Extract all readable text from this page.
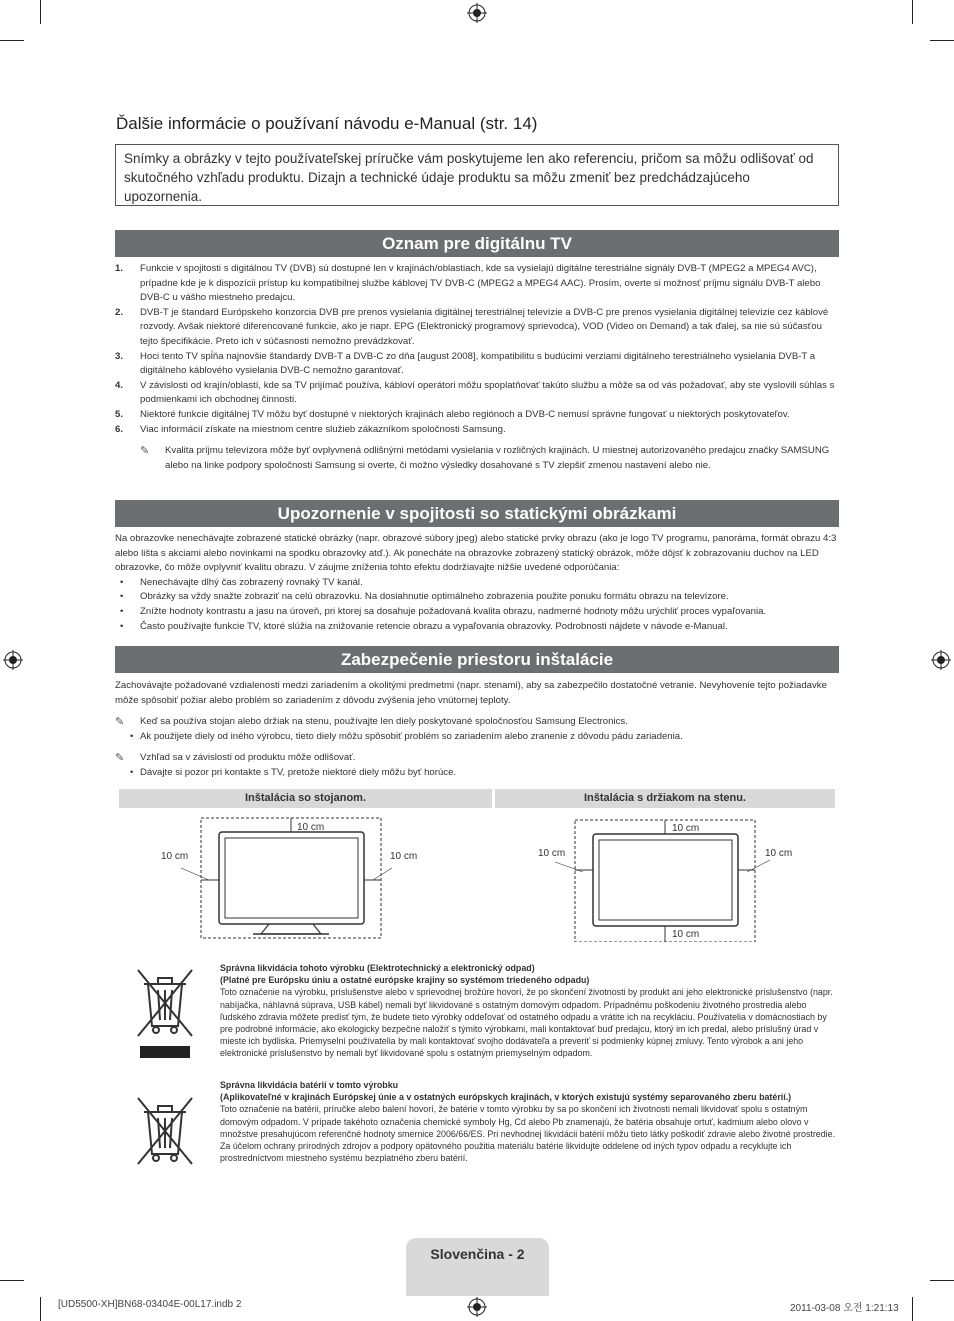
Ďalšie informácie o používaní návodu e-Manual (str. 14)
Snímky a obrázky v tejto používateľskej príručke vám poskytujeme len ako referenciu, pričom sa môžu odlišovať od skutočného vzhľadu produktu. Dizajn a technické údaje produktu sa môžu zmeniť bez predchádzajúceho upozornenia.
Oznam pre digitálnu TV
1. Funkcie v spojitosti s digitálnou TV (DVB) sú dostupné len v krajinách/oblastiach, kde sa vysielajú digitálne terestriálne signály DVB-T (MPEG2 a MPEG4 AVC), prípadne kde je k dispozícii prístup ku kompatibilnej službe káblovej TV DVB-C (MPEG2 a MPEG4 AAC). Prosím, overte si možnosť príjmu signálu DVB-T alebo DVB-C u vášho miestneho predajcu.
2. DVB-T je štandard Európskeho konzorcia DVB pre prenos vysielania digitálnej terestriálnej televízie a DVB-C pre prenos vysielania digitálnej televízie cez káblové rozvody. Avšak niektoré diferencované funkcie, ako je napr. EPG (Elektronický programový sprievodca), VOD (Video on Demand) a tak ďalej, sa nie sú súčasťou tejto špecifikácie. Preto ich v súčasnosti nemožno prevádzkovať.
3. Hoci tento TV spĺňa najnovšie štandardy DVB-T a DVB-C zo dňa [august 2008], kompatibilitu s budúcimi verziami digitálneho terestriálneho vysielania DVB-T a digitálneho káblového vysielania DVB-C nemožno garantovať.
4. V závislosti od krajín/oblastí, kde sa TV prijímač používa, kábloví operátori môžu spoplatňovať takúto službu a môže sa od vás požadovať, aby ste vyslovili súhlas s podmienkami ich obchodnej činnosti.
5. Niektoré funkcie digitálnej TV môžu byť dostupné v niektorých krajinách alebo regiónoch a DVB-C nemusí správne fungovať u niektorých poskytovateľov.
6. Viac informácií získate na miestnom centre služieb zákazníkom spoločnosti Samsung.
✎ Kvalita príjmu televízora môže byť ovplyvnená odlišnými metódami vysielania v rozličných krajinách. U miestnej autorizovaného predajcu značky SAMSUNG alebo na linke podpory spoločnosti Samsung si overte, či možno výsledky dosahované s TV zlepšiť zmenou nastavení alebo nie.
Upozornenie v spojitosti so statickými obrázkami
Na obrazovke nenechávajte zobrazené statické obrázky (napr. obrazové súbory jpeg) alebo statické prvky obrazu (ako je logo TV programu, panoráma, formát obrazu 4:3 alebo lišta s akciami alebo novinkami na spodku obrazovky atď.). Ak ponecháte na obrazovke zobrazený statický obrázok, môže dôjsť k zobrazovaniu duchov na LED obrazovke, čo môže ovplyvniť kvalitu obrazu. V záujme zníženia tohto efektu dodržiavajte nižšie uvedené odporúčania:
• Nenechávajte dlhý čas zobrazený rovnaký TV kanál.
• Obrázky sa vždy snažte zobraziť na celú obrazovku. Na dosiahnutie optimálneho zobrazenia použite ponuku formátu obrazu na televízore.
• Znížte hodnoty kontrastu a jasu na úroveň, pri ktorej sa dosahuje požadovaná kvalita obrazu, nadmerné hodnoty môžu urýchliť proces vypaľovania.
• Často používajte funkcie TV, ktoré slúžia na znižovanie retencie obrazu a vypaľovania obrazovky. Podrobnosti nájdete v návode e-Manual.
Zabezpečenie priestoru inštalácie
Zachovávajte požadované vzdialenosti medzi zariadením a okolitými predmetmi (napr. stenami), aby sa zabezpečilo dostatočné vetranie. Nevyhovenie tejto požiadavke môže spôsobiť požiar alebo problém so zariadením z dôvodu zvýšenia jeho vnútornej teploty.
✎ Keď sa používa stojan alebo držiak na stenu, používajte len diely poskytované spoločnosťou Samsung Electronics.
• Ak použijete diely od iného výrobcu, tieto diely môžu spôsobiť problém so zariadením alebo zranenie z dôvodu pádu zariadenia.
✎ Vzhľad sa v závislosti od produktu môže odlišovať.
• Dávajte si pozor pri kontakte s TV, pretože niektoré diely môžu byť horúce.
Inštalácia so stojanom.	Inštalácia s držiakom na stenu.
10 cm
10 cm	10 cm
10 cm
10 cm	10 cm
10 cm
Správna likvidácia tohoto výrobku (Elektrotechnický a elektronický odpad)
(Platné pre Európsku úniu a ostatné európske krajiny so systémom triedeného odpadu)
Toto označenie na výrobku, príslušenstve alebo v sprievodnej brožúre hovorí, že po skončení životnosti by produkt ani jeho elektronické príslušenstvo (napr. nabíjačka, náhlavná súprava, USB kábel) nemali byť likvidované s ostatným domovým odpadom. Prípadnému poškodeniu životného prostredia alebo ľudského zdravia môžete predísť tým, že budete tieto výrobky oddeľovať od ostatného odpadu a vrátite ich na recykláciu. Používatelia v domácnostiach by pre podrobné informácie, ako ekologicky bezpečne naložiť s týmito výrobkami, mali kontaktovať buď predajcu, ktorý im ich predal, alebo príslušný úrad v mieste ich bydliska. Priemyselní používatelia by mali kontaktovať svojho dodávateľa a preveriť si podmienky kúpnej zmluvy. Tento výrobok a ani jeho elektronické príslušenstvo by nemali byť likvidované spolu s ostatným priemyselným odpadom.
Správna likvidácia batérií v tomto výrobku
(Aplikovateľné v krajinách Európskej únie a v ostatných európskych krajinách, v ktorých existujú systémy separovaného zberu batérií.)
Toto označenie na batérii, príručke alebo balení hovorí, že batérie v tomto výrobku by sa po skončení ich životnosti nemali likvidovať spolu s ostatným domovým odpadom. V prípade takéhoto označenia chemické symboly Hg, Cd alebo Pb znamenajú, že batéria obsahuje ortuť, kadmium alebo olovo v množstve presahujúcom referenčné hodnoty smernice 2006/66/ES. Pri nevhodnej likvidácii batérií môžu tieto látky poškodiť zdravie alebo životné prostredie. Za účelom ochrany prírodných zdrojov a podpory opätovného použitia materiálu batérie likvidujte oddelene od iných typov odpadu a recyklujte ich prostredníctvom miestneho systému bezplatného zberu batérií.
Slovenčina - 2
[UD5500-XH]BN68-03404E-00L17.indb 2	2011-03-08 오전 1:21:13
